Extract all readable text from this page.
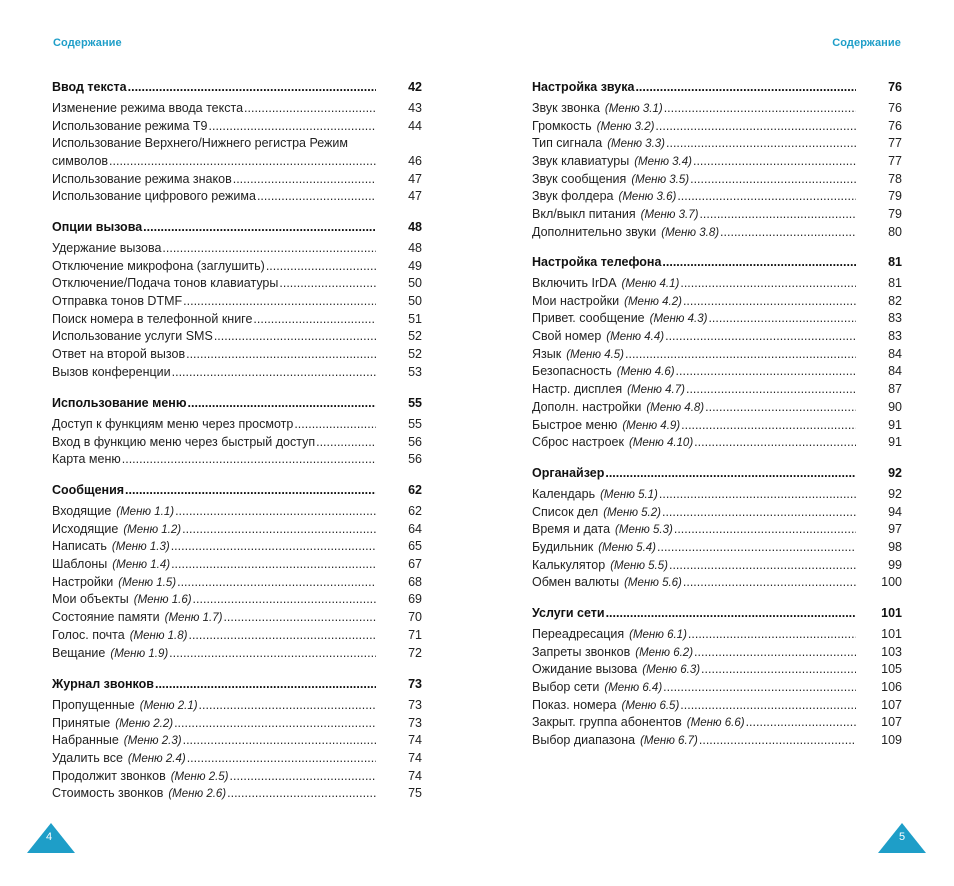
Содержание	Содержание
Ввод текста .....	42
Изменение режима ввода текста .....	43
Использование режима T9 .....	44
Использование Верхнего/Нижнего регистра Режим
символов .....	46
Использование режима знаков .....	47
Использование цифрового режима .....	47
Опции вызова .....	48
Удержание вызова .....	48
Отключение микрофона (заглушить) .....	49
Отключение/Подача тонов клавиатуры .....	50
Отправка тонов DTMF .....	50
Поиск номера в телефонной книге .....	51
Использование услуги SMS .....	52
Ответ на второй вызов .....	52
Вызов конференции .....	53
Использование меню .....	55
Доступ к функциям меню через просмотр .....	55
Вход в функцию меню через быстрый доступ .....	56
Карта меню .....	56
Сообщения .....	62
Входящие (Меню 1.1) .....	62
Исходящие (Меню 1.2) .....	64
Написать (Меню 1.3) .....	65
Шаблоны (Меню 1.4) .....	67
Настройки (Меню 1.5) .....	68
Мои объекты (Меню 1.6) .....	69
Состояние памяти (Меню 1.7) .....	70
Голос. почта (Меню 1.8) .....	71
Вещание (Меню 1.9) .....	72
Журнал звонков .....	73
Пропущенные (Меню 2.1) .....	73
Принятые (Меню 2.2) .....	73
Набранные (Меню 2.3) .....	74
Удалить все (Меню 2.4) .....	74
Продолжит звонков (Меню 2.5) .....	74
Стоимость звонков (Меню 2.6) .....	75
Настройка звука .....	76
Звук звонка (Меню 3.1) .....	76
Громкость (Меню 3.2) .....	76
Тип сигнала (Меню 3.3) .....	77
Звук клавиатуры (Меню 3.4) .....	77
Звук сообщения (Меню 3.5) .....	78
Звук фолдера (Меню 3.6) .....	79
Вкл/выкл питания (Меню 3.7) .....	79
Дополнительно звуки (Меню 3.8) .....	80
Настройка телефона .....	81
Включить IrDA (Меню 4.1) .....	81
Мои настройки (Меню 4.2) .....	82
Привет. сообщение (Меню 4.3) .....	83
Свой номер (Меню 4.4) .....	83
Язык (Меню 4.5) .....	84
Безопасность (Меню 4.6) .....	84
Настр. дисплея (Меню 4.7) .....	87
Дополн. настройки (Меню 4.8) .....	90
Быстрое меню (Меню 4.9) .....	91
Сброс настроек (Меню 4.10) .....	91
Органайзер .....	92
Календарь (Меню 5.1) .....	92
Список дел (Меню 5.2) .....	94
Время и дата (Меню 5.3) .....	97
Будильник (Меню 5.4) .....	98
Калькулятор (Меню 5.5) .....	99
Обмен валюты (Меню 5.6) .....	100
Услуги сети .....	101
Переадресация (Меню 6.1) .....	101
Запреты звонков (Меню 6.2) .....	103
Ожидание вызова (Меню 6.3) .....	105
Выбор сети (Меню 6.4) .....	106
Показ. номера (Меню 6.5) .....	107
Закрыт. группа абонентов (Меню 6.6) .....	107
Выбор диапазона (Меню 6.7) .....	109
4	5
